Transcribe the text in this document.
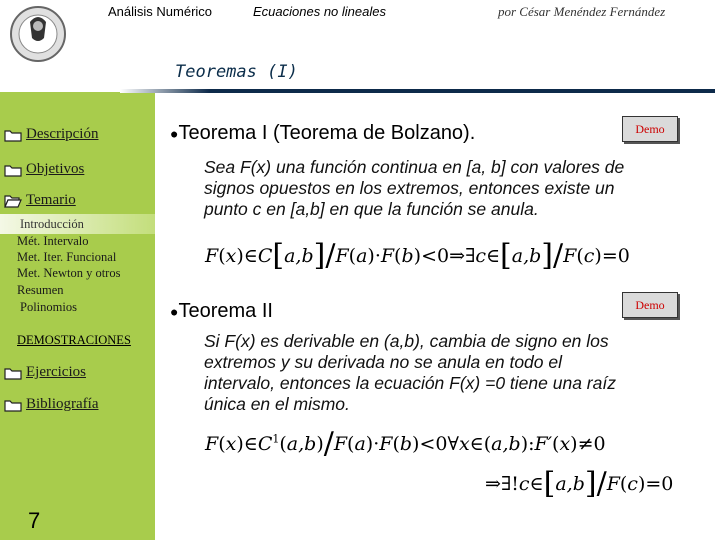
Análisis Numérico	Ecuaciones no lineales	por César Menéndez Fernández
Teoremas (I)
Descripción
Objetivos
Temario
Introducción
Mét. Intervalo
Met. Iter. Funcional
Met. Newton y otros
Resumen
Polinomios
DEMOSTRACIONES
Ejercicios
Bibliografía
7
●Teorema I (Teorema de Bolzano).	Demo
Sea F(x) una función continua en [a, b] con valores de
signos opuestos en los extremos, entonces existe un
punto c en [a,b] en que la función se anula.
F(x)∈C[a,b]/F(a)·F(b)<0⇒∃c∈[a,b]/F(c)=0
●Teorema II	Demo
Si F(x) es derivable en (a,b), cambia de signo en los
extremos y su derivada no se anula en todo el
intervalo, entonces la ecuación F(x) =0 tiene una raíz
única en el mismo.
$F(x)\in C^1(a,b)/F(a)\cdot F(b)<0\forall x\in(a,b):F'(x)\ne 0$
⇒∃!c∈[a,b]/F(c)=0
